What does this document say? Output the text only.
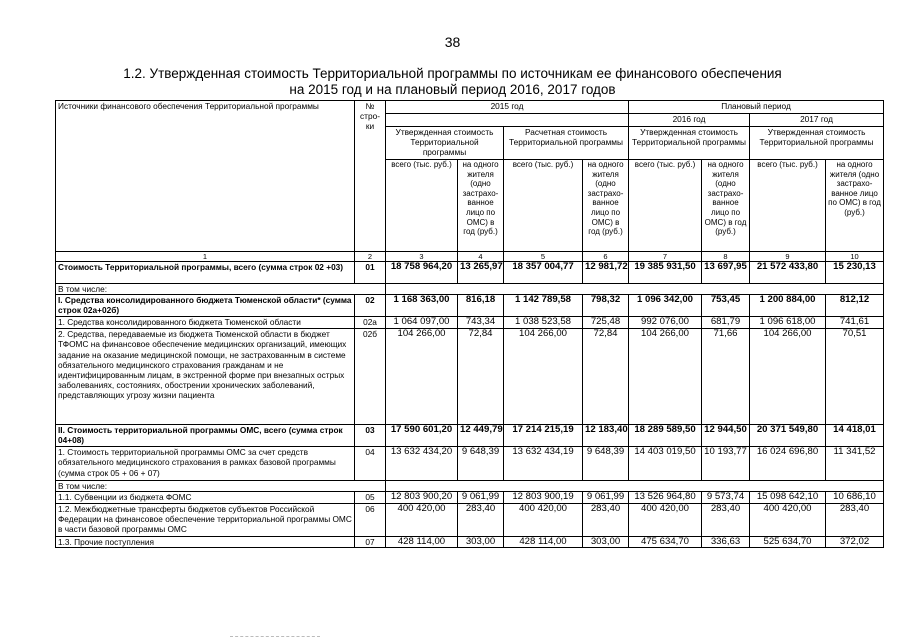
38
1.2. Утвержденная стоимость Территориальной программы по источникам ее финансового обеспечения
на 2015 год и на плановый период 2016, 2017 годов
Источники финансового обеспечения Территориальной программы	№
стро-
ки	2015 год				Плановый период			
						2016 год		2017 год	
		Утвержденная стоимость Территориальной программы		Расчетная стоимость Территориальной программы		Утвержденная стоимость Территориальной программы		Утвержденная стоимость Территориальной программы	
		всего (тыс. руб.)	на одного жителя (одно застрахо- ванное лицо по ОМС) в год (руб.)	всего (тыс. руб.)	на одного жителя (одно застрахо- ванное лицо по ОМС) в год (руб.)	всего (тыс. руб.)	на одного жителя (одно застрахо- ванное лицо по ОМС) в год (руб.)	всего (тыс. руб.)	на одного жителя (одно застрахо- ванное лицо по ОМС) в год (руб.)
1	2	3	4	5	6	7	8	9	10
Стоимость Территориальной программы, всего (сумма строк 02 +03)	01	18 758 964,20	13 265,97	18 357 004,77	12 981,72	19 385 931,50	13 697,95	21 572 433,80	15 230,13
В том числе:									
I. Средства консолидированного бюджета Тюменской области* (сумма строк 02а+02б)	02	1 168 363,00	816,18	1 142 789,58	798,32	1 096 342,00	753,45	1 200 884,00	812,12
1. Средства консолидированного бюджета Тюменской области	02а	1 064 097,00	743,34	1 038 523,58	725,48	992 076,00	681,79	1 096 618,00	741,61
2. Средства, передаваемые из бюджета Тюменской области в бюджет ТФОМС на финансовое обеспечение медицинских организаций, имеющих задание на оказание медицинской помощи, не застрахованным в системе обязательного медицинского страхования гражданам и не идентифицированным лицам, в экстренной форме при внезапных острых заболеваниях, состояниях, обострении хронических заболеваний, представляющих угрозу жизни пациента	02б	104 266,00	72,84	104 266,00	72,84	104 266,00	71,66	104 266,00	70,51
II. Стоимость территориальной программы ОМС, всего (сумма строк 04+08)	03	17 590 601,20	12 449,79	17 214 215,19	12 183,40	18 289 589,50	12 944,50	20 371 549,80	14 418,01
1. Стоимость территориальной программы ОМС за счет средств обязательного медицинского страхования в рамках базовой программы (сумма строк 05 + 06 + 07)	04	13 632 434,20	9 648,39	13 632 434,19	9 648,39	14 403 019,50	10 193,77	16 024 696,80	11 341,52
В том числе:									
1.1. Субвенции из бюджета ФОМС	05	12 803 900,20	9 061,99	12 803 900,19	9 061,99	13 526 964,80	9 573,74	15 098 642,10	10 686,10
1.2. Межбюджетные трансферты бюджетов субъектов Российской Федерации на финансовое обеспечение территориальной программы ОМС в части базовой программы ОМС	06	400 420,00	283,40	400 420,00	283,40	400 420,00	283,40	400 420,00	283,40
1.3. Прочие поступления	07	428 114,00	303,00	428 114,00	303,00	475 634,70	336,63	525 634,70	372,02
